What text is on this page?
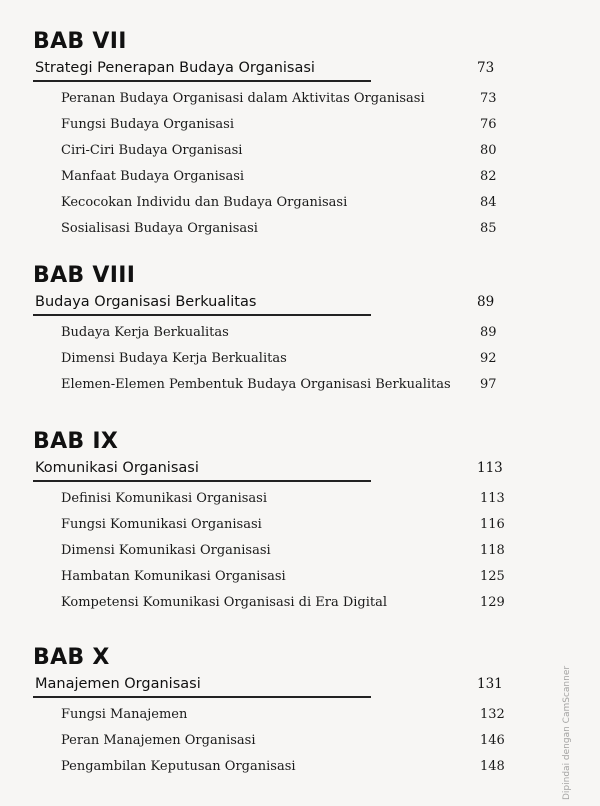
BAB VII
Strategi Penerapan Budaya Organisasi	73
Peranan Budaya Organisasi dalam Aktivitas Organisasi	73
Fungsi Budaya Organisasi	76
Ciri-Ciri Budaya Organisasi	80
Manfaat Budaya Organisasi	82
Kecocokan Individu dan Budaya Organisasi	84
Sosialisasi Budaya Organisasi	85
BAB VIII
Budaya Organisasi Berkualitas	89
Budaya Kerja Berkualitas	89
Dimensi Budaya Kerja Berkualitas	92
Elemen-Elemen Pembentuk Budaya Organisasi Berkualitas 97
BAB IX
Komunikasi Organisasi	113
Definisi Komunikasi Organisasi	113
Fungsi Komunikasi Organisasi	116
Dimensi Komunikasi Organisasi	118
Hambatan Komunikasi Organisasi	125
Kompetensi Komunikasi Organisasi di Era Digital	129
BAB X
Manajemen Organisasi	131
Fungsi Manajemen	132
Peran Manajemen Organisasi	146
Pengambilan Keputusan Organisasi	148	Dipindai dengan CamScanner
